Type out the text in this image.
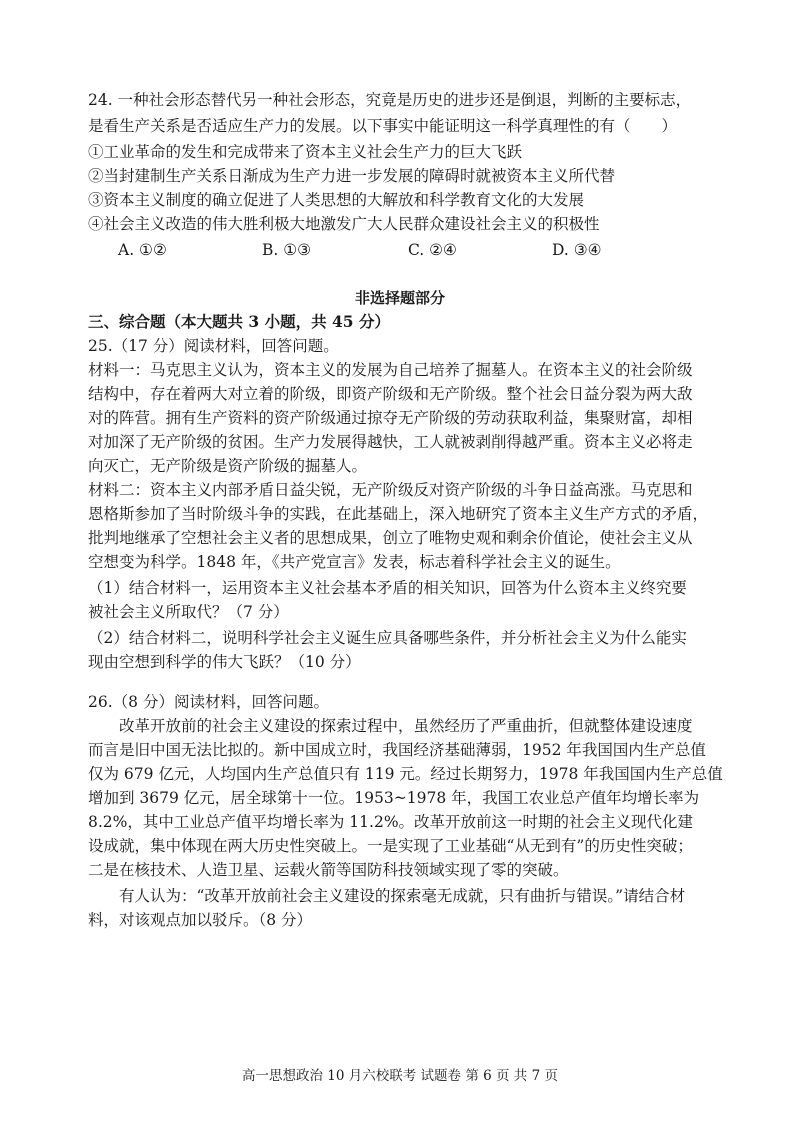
24. 一种社会形态替代另一种社会形态，究竟是历史的进步还是倒退，判断的主要标志，
是看生产关系是否适应生产力的发展。以下事实中能证明这一科学真理性的有（　　）
①工业革命的发生和完成带来了资本主义社会生产力的巨大飞跃
②当封建制生产关系日渐成为生产力进一步发展的障碍时就被资本主义所代替
③资本主义制度的确立促进了人类思想的大解放和科学教育文化的大发展
④社会主义改造的伟大胜利极大地激发广大人民群众建设社会主义的积极性
A. ①②	B. ①③	C. ②④	D. ③④
非选择题部分
三、综合题（本大题共 3 小题，共 45 分）
25.（17 分）阅读材料，回答问题。
材料一：马克思主义认为，资本主义的发展为自己培养了掘墓人。在资本主义的社会阶级
结构中，存在着两大对立着的阶级，即资产阶级和无产阶级。整个社会日益分裂为两大敌
对的阵营。拥有生产资料的资产阶级通过掠夺无产阶级的劳动获取利益，集聚财富，却相
对加深了无产阶级的贫困。生产力发展得越快，工人就被剥削得越严重。资本主义必将走
向灭亡，无产阶级是资产阶级的掘墓人。
材料二：资本主义内部矛盾日益尖锐，无产阶级反对资产阶级的斗争日益高涨。马克思和
恩格斯参加了当时阶级斗争的实践，在此基础上，深入地研究了资本主义生产方式的矛盾，
批判地继承了空想社会主义者的思想成果，创立了唯物史观和剩余价值论，使社会主义从
空想变为科学。1848 年，《共产党宣言》发表，标志着科学社会主义的诞生。
（1）结合材料一，运用资本主义社会基本矛盾的相关知识，回答为什么资本主义终究要
被社会主义所取代？（7 分）
（2）结合材料二，说明科学社会主义诞生应具备哪些条件，并分析社会主义为什么能实
现由空想到科学的伟大飞跃？（10 分）
26.（8 分）阅读材料，回答问题。
　　改革开放前的社会主义建设的探索过程中，虽然经历了严重曲折，但就整体建设速度
而言是旧中国无法比拟的。新中国成立时，我国经济基础薄弱，1952 年我国国内生产总值
仅为 679 亿元，人均国内生产总值只有 119 元。经过长期努力，1978 年我国国内生产总值
增加到 3679 亿元，居全球第十一位。1953~1978 年，我国工农业总产值年均增长率为
8.2%，其中工业总产值平均增长率为 11.2%。改革开放前这一时期的社会主义现代化建
设成就，集中体现在两大历史性突破上。一是实现了工业基础“从无到有”的历史性突破；
二是在核技术、人造卫星、运载火箭等国防科技领域实现了零的突破。
　　有人认为：“改革开放前社会主义建设的探索毫无成就，只有曲折与错误。”请结合材
料，对该观点加以驳斥。（8 分）
高一思想政治 10 月六校联考 试题卷 第 6 页 共 7 页
